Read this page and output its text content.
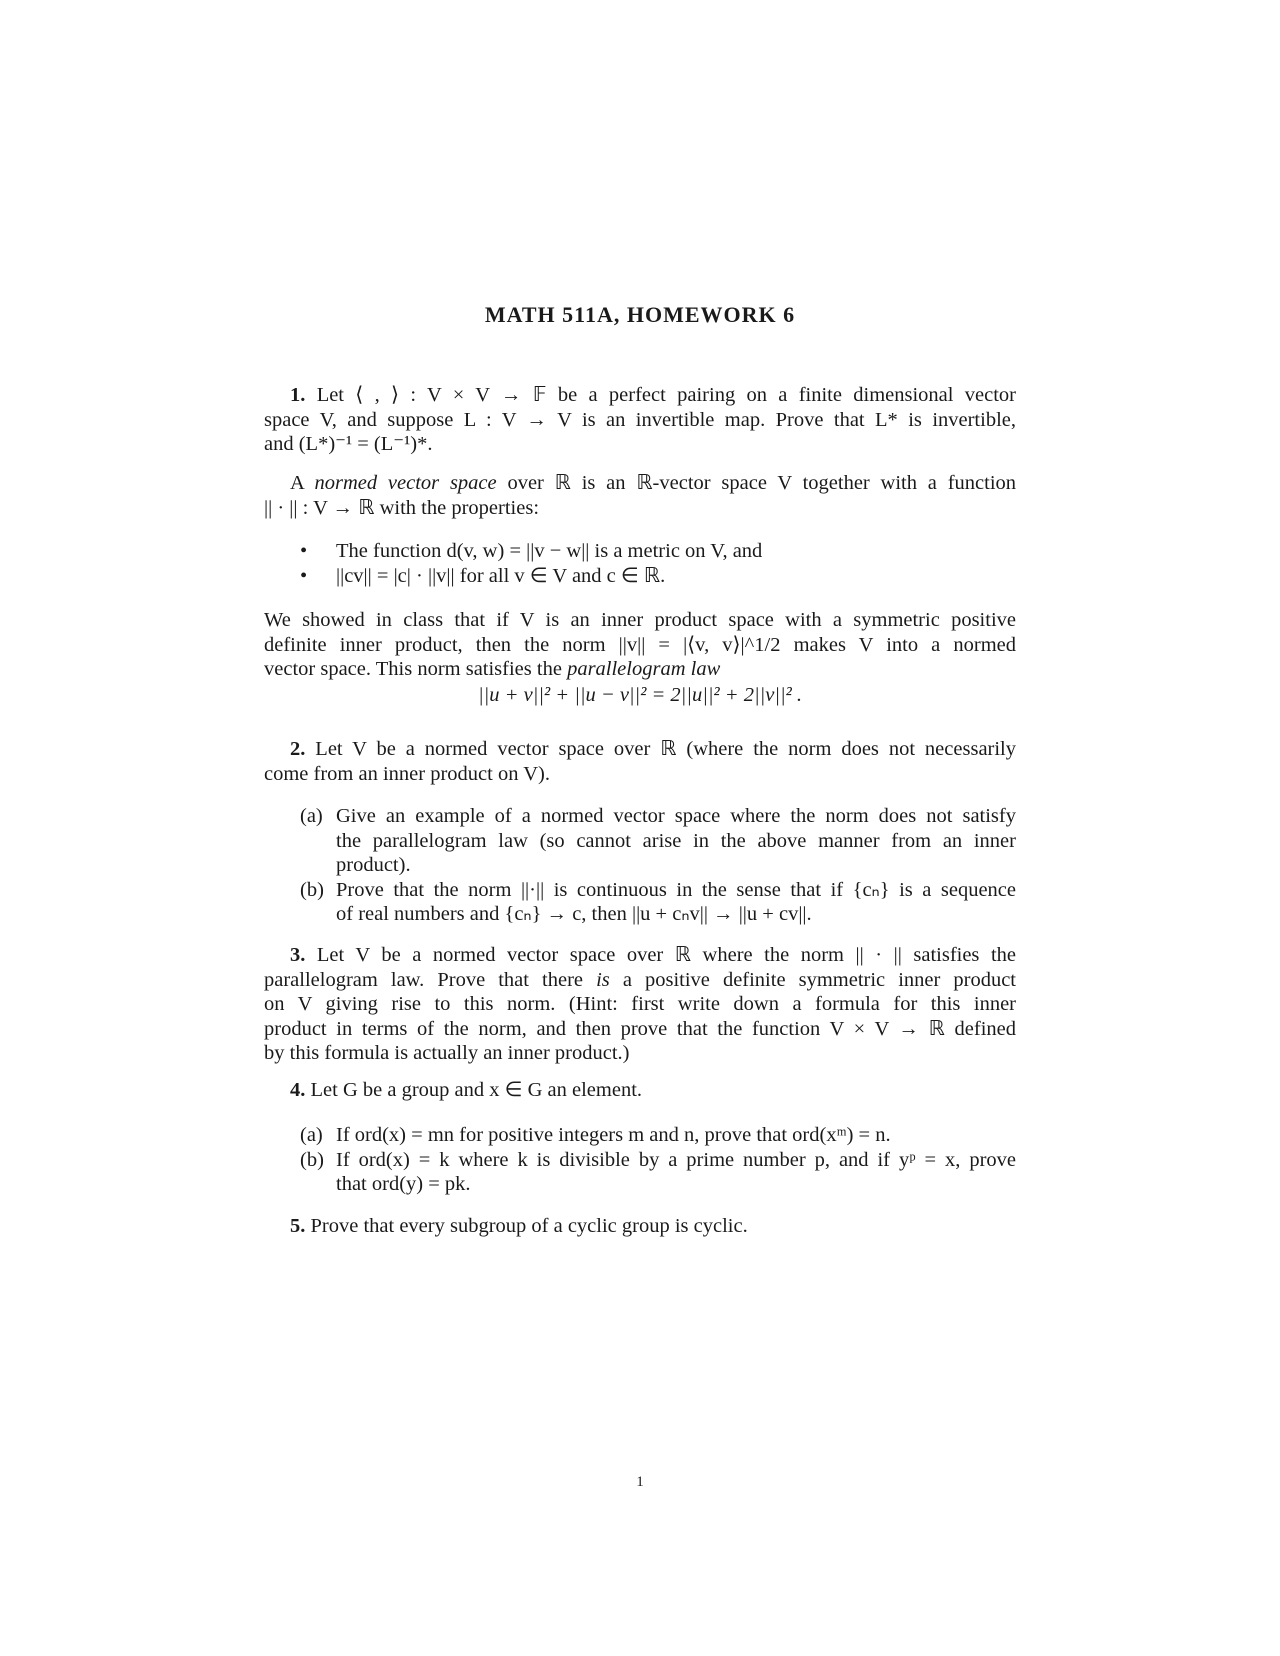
MATH 511A, HOMEWORK 6
1. Let ⟨ , ⟩ : V × V → 𝔽 be a perfect pairing on a finite dimensional vector
space V, and suppose L : V → V is an invertible map. Prove that L* is invertible,
and (L*)⁻¹ = (L⁻¹)*.
A normed vector space over ℝ is an ℝ-vector space V together with a function
|| · || : V → ℝ with the properties:
• The function d(v, w) = ||v − w|| is a metric on V, and
• ||cv|| = |c| · ||v|| for all v ∈ V and c ∈ ℝ.
We showed in class that if V is an inner product space with a symmetric positive
definite inner product, then the norm ||v|| = |⟨v, v⟩|^1/2 makes V into a normed
vector space. This norm satisfies the parallelogram law
||u + v||² + ||u − v||² = 2||u||² + 2||v||² .
2. Let V be a normed vector space over ℝ (where the norm does not necessarily
come from an inner product on V).
(a) Give an example of a normed vector space where the norm does not satisfy
the parallelogram law (so cannot arise in the above manner from an inner
product).
(b) Prove that the norm ||·|| is continuous in the sense that if {cₙ} is a sequence
of real numbers and {cₙ} → c, then ||u + cₙv|| → ||u + cv||.
3. Let V be a normed vector space over ℝ where the norm || · || satisfies the
parallelogram law. Prove that there is a positive definite symmetric inner product
on V giving rise to this norm. (Hint: first write down a formula for this inner
product in terms of the norm, and then prove that the function V × V → ℝ defined
by this formula is actually an inner product.)
4. Let G be a group and x ∈ G an element.
(a) If ord(x) = mn for positive integers m and n, prove that ord(xᵐ) = n.
(b) If ord(x) = k where k is divisible by a prime number p, and if yᵖ = x, prove
that ord(y) = pk.
5. Prove that every subgroup of a cyclic group is cyclic.
1
